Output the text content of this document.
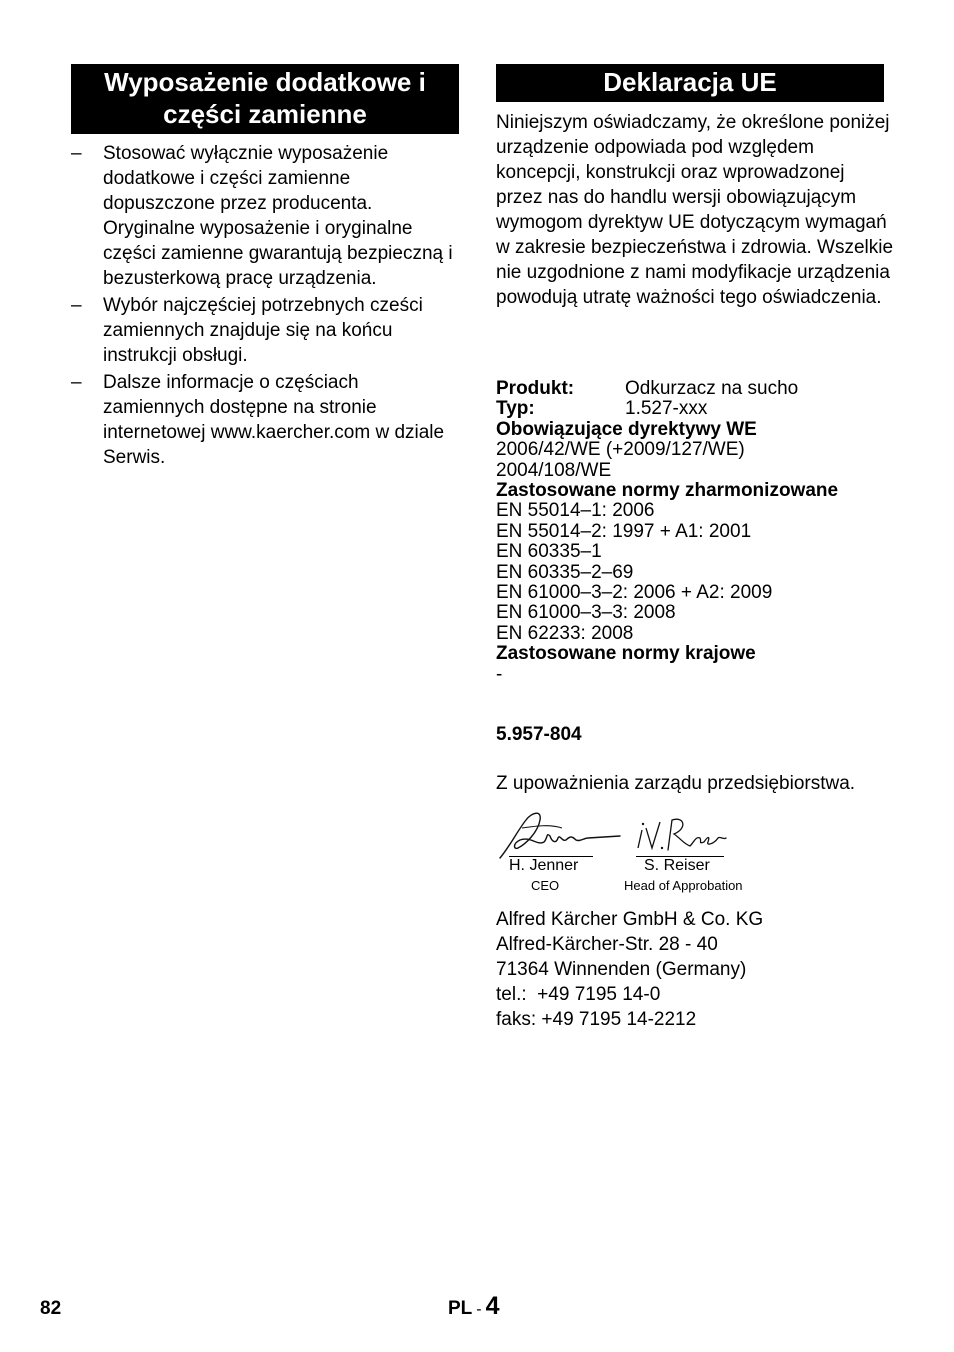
Wyposażenie dodatkowe i części zamienne
–	Stosować wyłącznie wyposażenie dodatkowe i części zamienne dopuszczone przez producenta. Oryginalne wyposażenie i oryginalne części zamienne gwarantują bezpieczną i bezusterkową pracę urządzenia.
–	Wybór najczęściej potrzebnych cześci zamiennych znajduje się na końcu instrukcji obsługi.
–	Dalsze informacje o częściach zamiennych dostępne na stronie internetowej www.kaercher.com w dziale Serwis.
Deklaracja UE

Niniejszym oświadczamy, że określone poniżej urządzenie odpowiada pod względem koncepcji, konstrukcji oraz wprowadzonej przez nas do handlu wersji obowiązującym wymogom dyrektyw UE dotyczącym wymagań w zakresie bezpieczeństwa i zdrowia. Wszelkie nie uzgodnione z nami modyfikacje urządzenia powodują utratę ważności tego oświadczenia.

Produkt:	Odkurzacz na sucho
Typ:	1.527-xxx
Obowiązujące dyrektywy WE
2006/42/WE (+2009/127/WE)
2004/108/WE
Zastosowane normy zharmonizowane
EN 55014–1: 2006
EN 55014–2: 1997 + A1: 2001
EN 60335–1
EN 60335–2–69
EN 61000–3–2: 2006 + A2: 2009
EN 61000–3–3: 2008
EN 62233: 2008
Zastosowane normy krajowe
-
5.957-804
Z upoważnienia zarządu przedsiębiorstwa.
H. Jenner	S. Reiser
CEO	Head of Approbation
Alfred Kärcher GmbH & Co. KG
Alfred-Kärcher-Str. 28 - 40
71364 Winnenden (Germany)
tel.:  +49 7195 14-0
faks: +49 7195 14-2212
82	PL - 4
